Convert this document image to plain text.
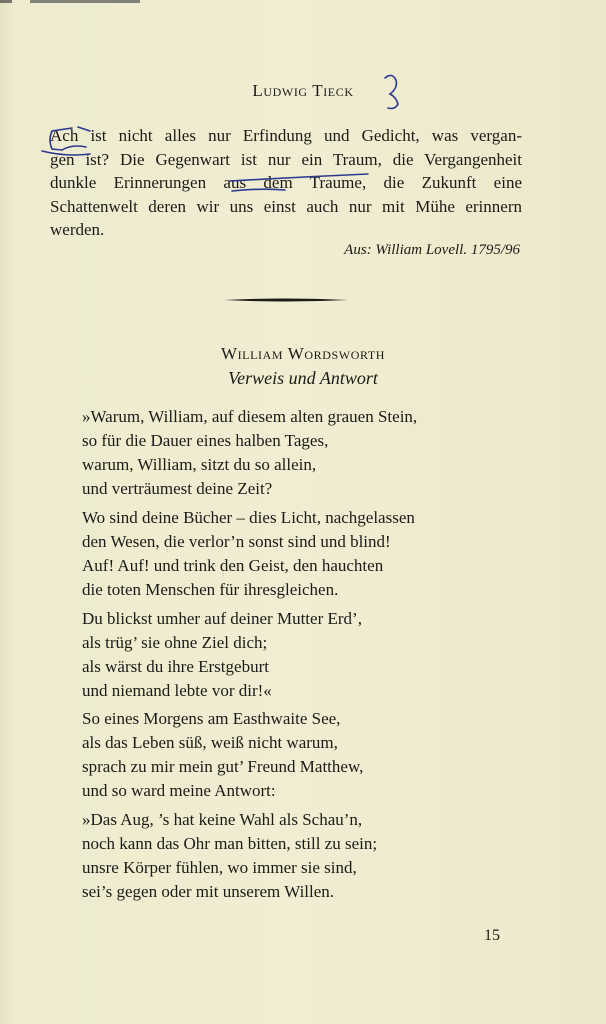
Ludwig Tieck
Ach ist nicht alles nur Erfindung und Gedicht, was vergan-
gen ist? Die Gegenwart ist nur ein Traum, die Vergangenheit
dunkle Erinnerungen aus dem Traume, die Zukunft eine
Schattenwelt deren wir uns einst auch nur mit Mühe erinnern
werden.
Aus: William Lovell. 1795/96
William Wordsworth
Verweis und Antwort
»Warum, William, auf diesem alten grauen Stein,
so für die Dauer eines halben Tages,
warum, William, sitzt du so allein,
und verträumest deine Zeit?
Wo sind deine Bücher – dies Licht, nachgelassen
den Wesen, die verlor’n sonst sind und blind!
Auf! Auf! und trink den Geist, den hauchten
die toten Menschen für ihresgleichen.
Du blickst umher auf deiner Mutter Erd’,
als trüg’ sie ohne Ziel dich;
als wärst du ihre Erstgeburt
und niemand lebte vor dir!«
So eines Morgens am Easthwaite See,
als das Leben süß, weiß nicht warum,
sprach zu mir mein gut’ Freund Matthew,
und so ward meine Antwort:
»Das Aug, ’s hat keine Wahl als Schau’n,
noch kann das Ohr man bitten, still zu sein;
unsre Körper fühlen, wo immer sie sind,
sei’s gegen oder mit unserem Willen.
15
